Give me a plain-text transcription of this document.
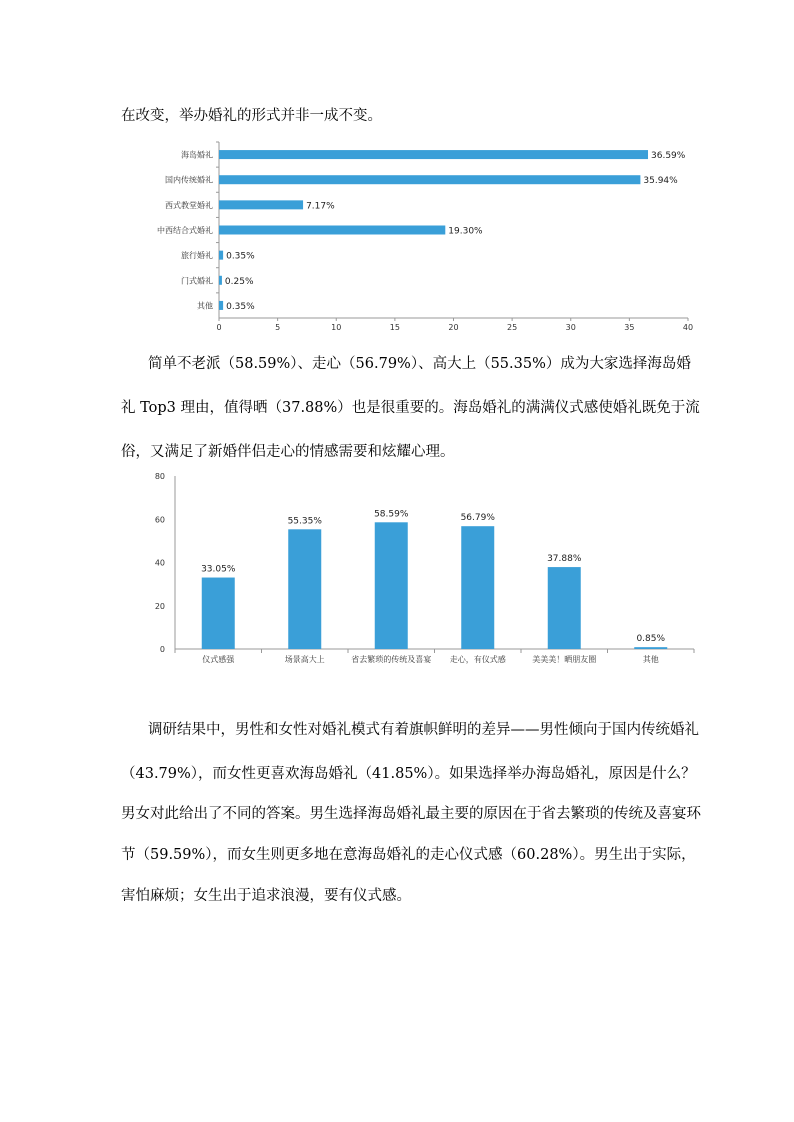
在改变，举办婚礼的形式并非一成不变。
0	5	10	15	20	25	30	35	40
海岛婚礼	36.59%
国内传统婚礼	35.94%
西式教堂婚礼	7.17%
中西结合式婚礼	19.30%
旅行婚礼 0.35%
门式婚礼 0.25%
其他 0.35%
简单不老派（58.59%）、走心（56.79%）、高大上（55.35%）成为大家选择海岛婚
礼 Top3 理由，值得晒（37.88%）也是很重要的。海岛婚礼的满满仪式感使婚礼既免于流
俗，又满足了新婚伴侣走心的情感需要和炫耀心理。
0
20
40
60
80
33.05%
仪式感强
55.35%
场景高大上
58.59%
省去繁琐的传统及喜宴
56.79%
走心，有仪式感
37.88%
美美美！晒朋友圈
0.85%
其他
调研结果中，男性和女性对婚礼模式有着旗帜鲜明的差异——男性倾向于国内传统婚礼
（43.79%），而女性更喜欢海岛婚礼（41.85%）。如果选择举办海岛婚礼，原因是什么？
男女对此给出了不同的答案。男生选择海岛婚礼最主要的原因在于省去繁琐的传统及喜宴环
节（59.59%），而女生则更多地在意海岛婚礼的走心仪式感（60.28%）。男生出于实际，
害怕麻烦；女生出于追求浪漫，要有仪式感。
